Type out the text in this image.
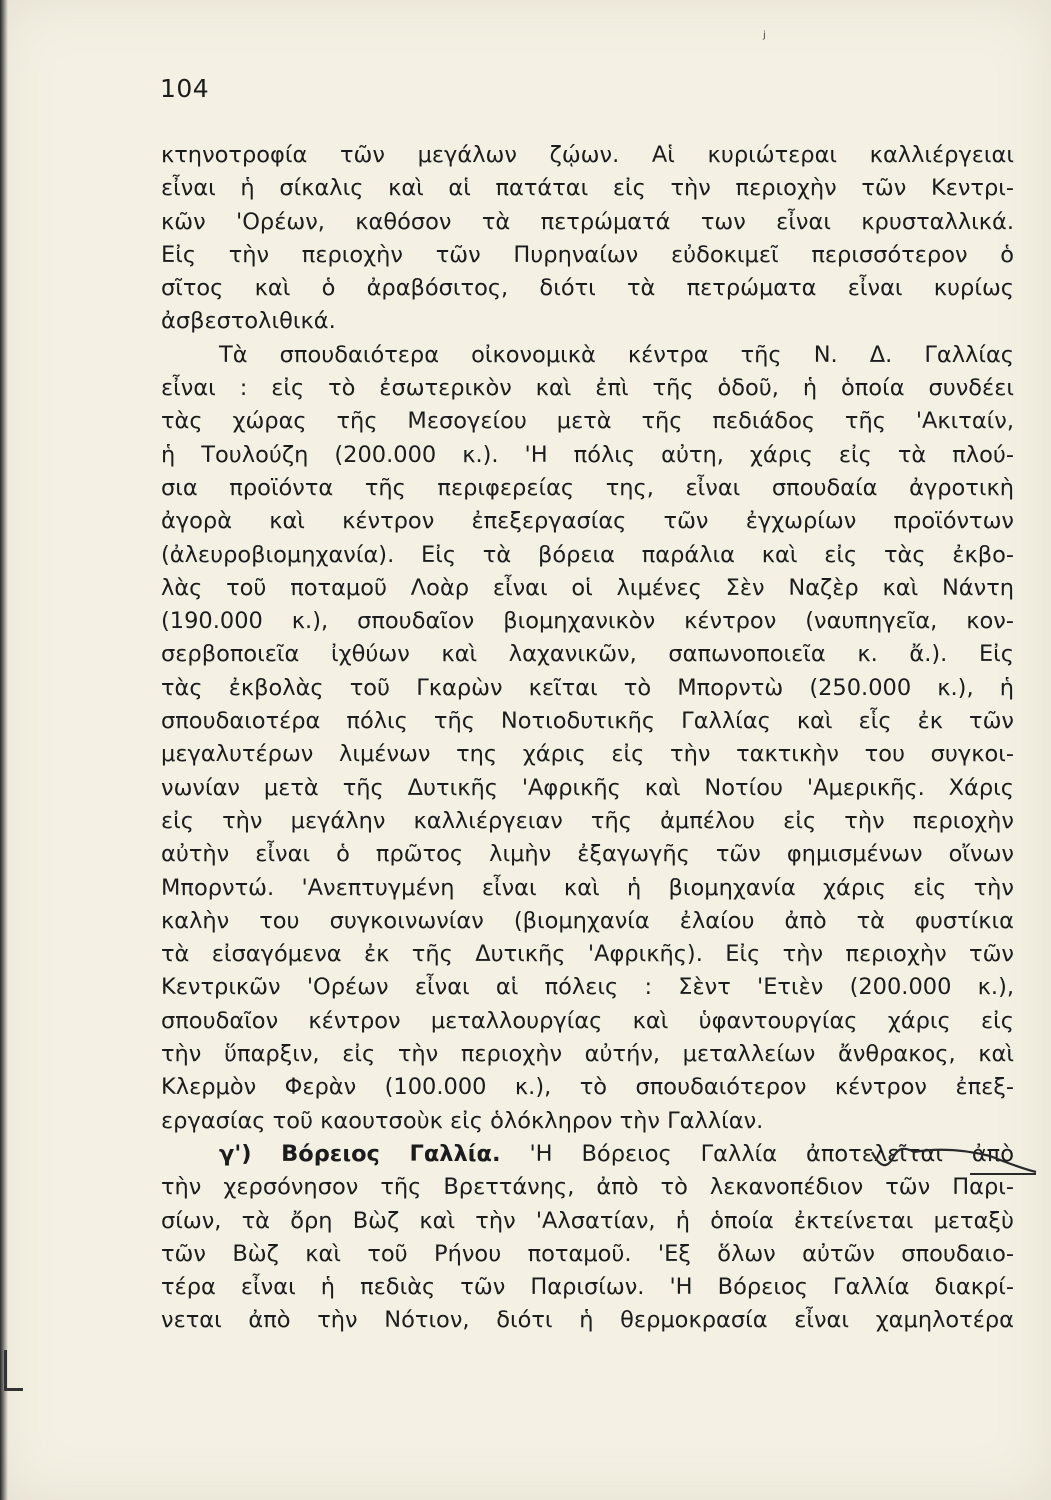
ʲ
104
κτηνοτροφία τῶν μεγάλων ζῴων. Αἱ κυριώτεραι καλλιέργειαι
εἶναι ἡ σίκαλις καὶ αἱ πατάται εἰς τὴν περιοχὴν τῶν Κεντρι-
κῶν 'Ορέων, καθόσον τὰ πετρώματά των εἶναι κρυσταλλικά.
Εἰς τὴν περιοχὴν τῶν Πυρηναίων εὐδοκιμεῖ περισσότερον ὁ
σῖτος καὶ ὁ ἀραβόσιτος, διότι τὰ πετρώματα εἶναι κυρίως
ἀσβεστολιθικά.
Τὰ σπουδαιότερα οἰκονομικὰ κέντρα τῆς Ν. Δ. Γαλλίας
εἶναι : εἰς τὸ ἐσωτερικὸν καὶ ἐπὶ τῆς ὁδοῦ, ἡ ὁποία συνδέει
τὰς χώρας τῆς Μεσογείου μετὰ τῆς πεδιάδος τῆς 'Ακιταίν,
ἡ Τουλούζη (200.000 κ.). 'Η πόλις αὐτη, χάρις εἰς τὰ πλού-
σια προϊόντα τῆς περιφερείας της, εἶναι σπουδαία ἀγροτικὴ
ἀγορὰ καὶ κέντρον ἐπεξεργασίας τῶν ἐγχωρίων προϊόντων
(ἀλευροβιομηχανία). Εἰς τὰ βόρεια παράλια καὶ εἰς τὰς ἐκβο-
λὰς τοῦ ποταμοῦ Λοὰρ εἶναι οἱ λιμένες Σὲν Ναζὲρ καὶ Νάντη
(190.000 κ.), σπουδαῖον βιομηχανικὸν κέντρον (ναυπηγεῖα, κον-
σερβοποιεῖα ἰχθύων καὶ λαχανικῶν, σαπωνοποιεῖα κ. ἄ.). Εἰς
τὰς ἐκβολὰς τοῦ Γκαρὼν κεῖται τὸ Μπορντὼ (250.000 κ.), ἡ
σπουδαιοτέρα πόλις τῆς Νοτιοδυτικῆς Γαλλίας καὶ εἷς ἐκ τῶν
μεγαλυτέρων λιμένων της χάρις εἰς τὴν τακτικὴν του συγκοι-
νωνίαν μετὰ τῆς Δυτικῆς 'Αφρικῆς καὶ Νοτίου 'Αμερικῆς. Χάρις
εἰς τὴν μεγάλην καλλιέργειαν τῆς ἀμπέλου εἰς τὴν περιοχὴν
αὐτὴν εἶναι ὁ πρῶτος λιμὴν ἐξαγωγῆς τῶν φημισμένων οἴνων
Μπορντώ. 'Ανεπτυγμένη εἶναι καὶ ἡ βιομηχανία χάρις εἰς τὴν
καλὴν του συγκοινωνίαν (βιομηχανία ἐλαίου ἀπὸ τὰ φυστίκια
τὰ εἰσαγόμενα ἐκ τῆς Δυτικῆς 'Αφρικῆς). Εἰς τὴν περιοχὴν τῶν
Κεντρικῶν 'Ορέων εἶναι αἱ πόλεις : Σὲντ 'Ετιὲν (200.000 κ.),
σπουδαῖον κέντρον μεταλλουργίας καὶ ὑφαντουργίας χάρις εἰς
τὴν ὕπαρξιν, εἰς τὴν περιοχὴν αὐτήν, μεταλλείων ἄνθρακος, καὶ
Κλερμὸν Φερὰν (100.000 κ.), τὸ σπουδαιότερον κέντρον ἐπεξ-
εργασίας τοῦ καουτσοὺκ εἰς ὁλόκληρον τὴν Γαλλίαν.
γ') Βόρειος Γαλλία. 'Η Βόρειος Γαλλία ἀποτελεῖται ἀπὸ
τὴν χερσόνησον τῆς Βρεττάνης, ἀπὸ τὸ λεκανοπέδιον τῶν Παρι-
σίων, τὰ ὄρη Βὼζ καὶ τὴν 'Αλσατίαν, ἡ ὁποία ἐκτείνεται μεταξὺ
τῶν Βὼζ καὶ τοῦ Ρήνου ποταμοῦ. 'Εξ ὅλων αὐτῶν σπουδαιο-
τέρα εἶναι ἡ πεδιὰς τῶν Παρισίων. 'Η Βόρειος Γαλλία διακρί-
νεται ἀπὸ τὴν Νότιον, διότι ἡ θερμοκρασία εἶναι χαμηλοτέρα
